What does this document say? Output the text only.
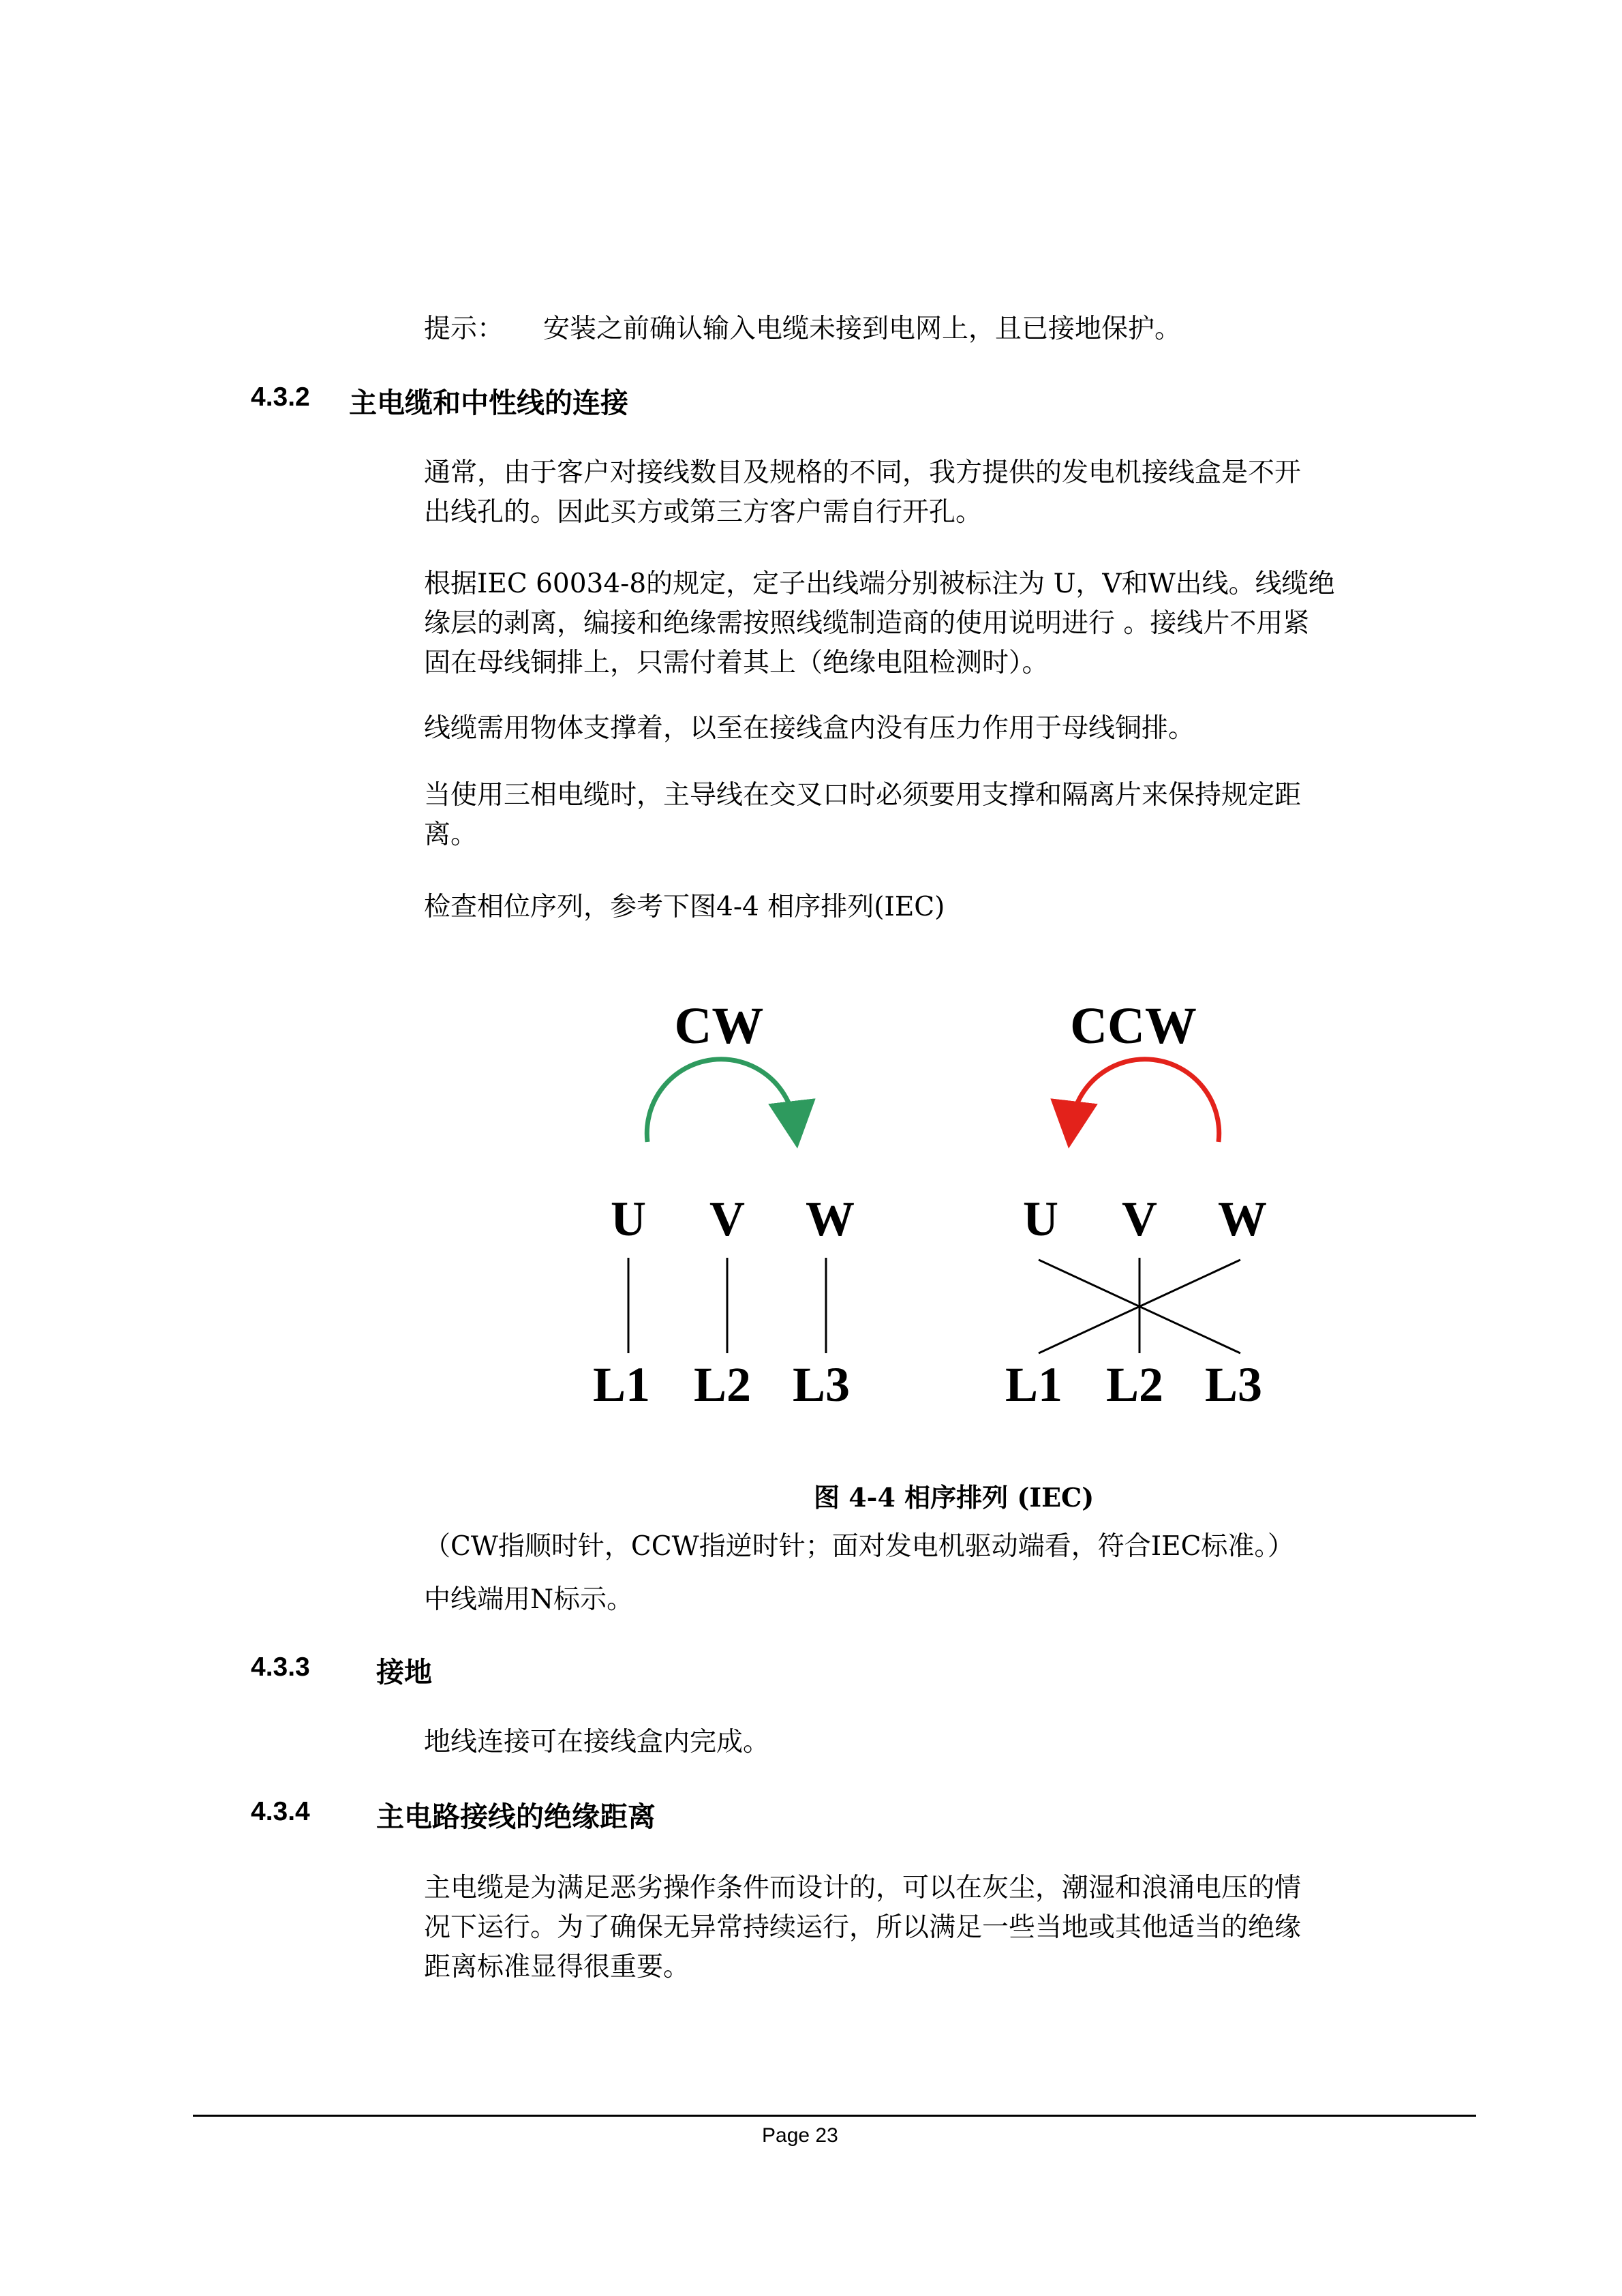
提示： 安装之前确认输入电缆未接到电网上，且已接地保护。
4.3.2 主电缆和中性线的连接
通常，由于客户对接线数目及规格的不同，我方提供的发电机接线盒是不开
出线孔的。因此买方或第三方客户需自行开孔。
根据IEC 60034-8的规定，定子出线端分别被标注为 U，V和W出线。线缆绝
缘层的剥离，编接和绝缘需按照线缆制造商的使用说明进行 。接线片不用紧
固在母线铜排上，只需付着其上（绝缘电阻检测时）。
线缆需用物体支撑着，以至在接线盒内没有压力作用于母线铜排。
当使用三相电缆时，主导线在交叉口时必须要用支撑和隔离片来保持规定距
离。
检查相位序列，参考下图4-4 相序排列(IEC)
CW
U V W
L1 L2 L3
CCW
U V W
L1 L2 L3
图 4-4 相序排列 (IEC)
（CW指顺时针，CCW指逆时针；面对发电机驱动端看，符合IEC标准。）
中线端用N标示。
4.3.3 接地
地线连接可在接线盒内完成。
4.3.4 主电路接线的绝缘距离
主电缆是为满足恶劣操作条件而设计的，可以在灰尘，潮湿和浪涌电压的情
况下运行。为了确保无异常持续运行，所以满足一些当地或其他适当的绝缘
距离标准显得很重要。
Page 23
